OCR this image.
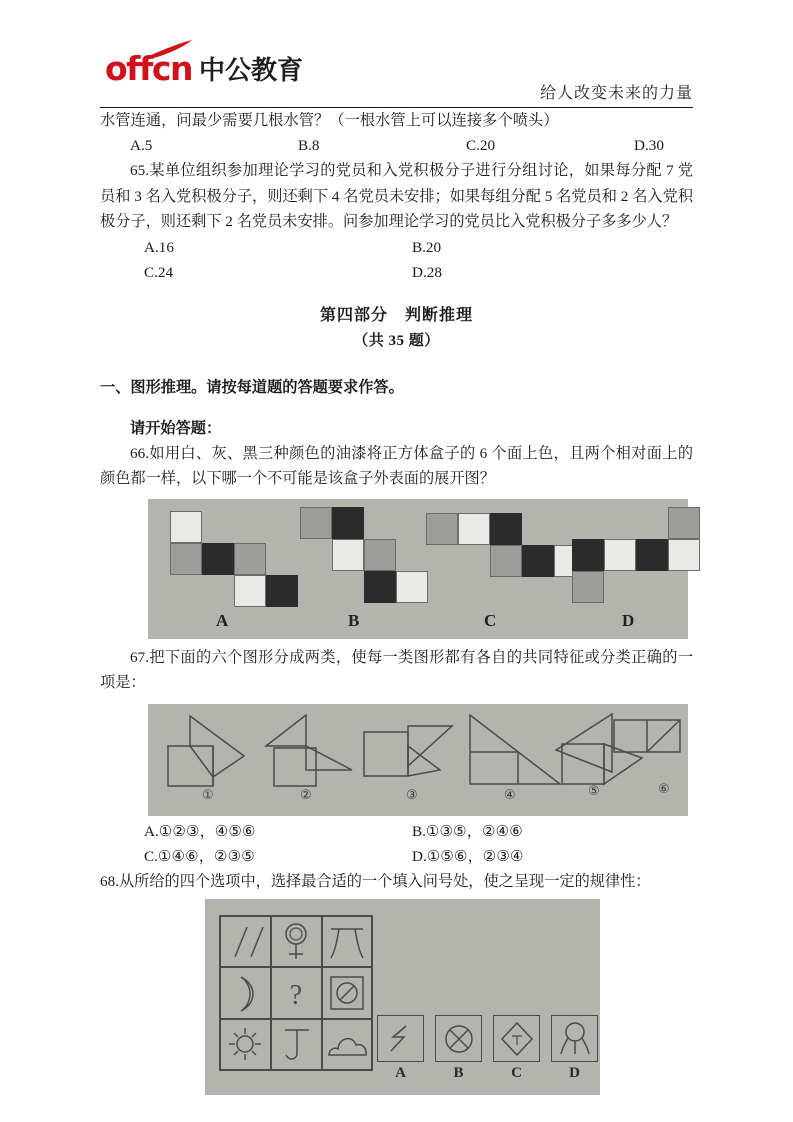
offcn 中公教育
给人改变未来的力量

水管连通，问最少需要几根水管？（一根水管上可以连接多个喷头）

A.5	B.8	C.20	D.30

65.某单位组织参加理论学习的党员和入党积极分子进行分组讨论，如果每分配 7 党员和 3 名入党积极分子，则还剩下 4 名党员未安排；如果每组分配 5 名党员和 2 名入党积极分子，则还剩下 2 名党员未安排。问参加理论学习的党员比入党积极分子多多少人？

A.16	B.20
C.24	D.28
第四部分　判断推理
（共 35 题）
一、图形推理。请按每道题的答题要求作答。
请开始答题：

66.如用白、灰、黑三种颜色的油漆将正方体盒子的 6 个面上色，且两个相对面上的颜色都一样，以下哪一个不可能是该盒子外表面的展开图？

A	B	C	D

67.把下面的六个图形分成两类，使每一类图形都有各自的共同特征或分类正确的一项是：

①	②	③	④	⑤	⑥
A.①②③，④⑤⑥	B.①③⑤，②④⑥
C.①④⑥，②③⑤	D.①⑤⑥，②③④

68.从所给的四个选项中，选择最合适的一个填入问号处，使之呈现一定的规律性：

?
A	B	C	D
